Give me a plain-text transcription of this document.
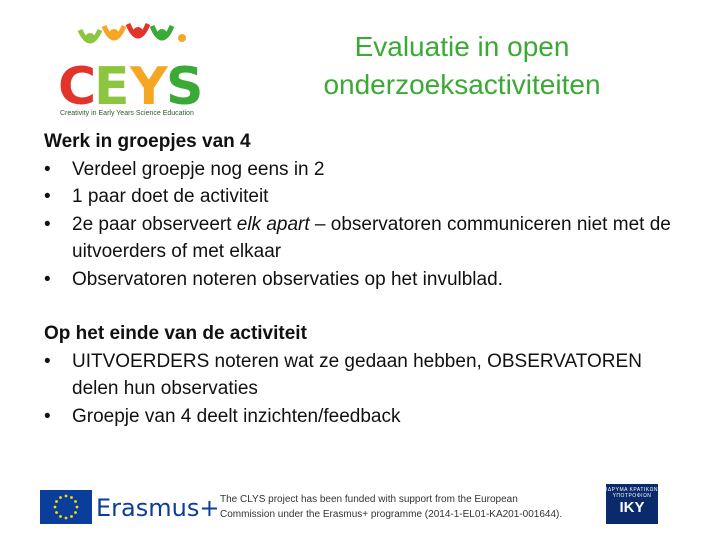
C
E Y
S
Creativity in Early Years Science Education
Evaluatie in open
onderzoeksactiviteiten
Werk in groepjes van 4
• Verdeel groepje nog eens in 2
• 1 paar doet de activiteit
• 2e paar observeert elk apart – observatoren communiceren niet met de uitvoerders of met elkaar
• Observatoren noteren observaties op het invulblad.
Op het einde van de activiteit
• UITVOERDERS noteren wat ze gedaan hebben, OBSERVATOREN delen hun observaties
• Groepje van 4 deelt inzichten/feedback
Erasmus+ The CLYS project has been funded with support from the European
Commission under the Erasmus+ programme (2014-1-EL01-KA201-001644).
ΙΔΡΥΜΑ ΚΡΑΤΙΚΩΝ ΥΠΟΤΡΟΦΙΩΝ
IKY
